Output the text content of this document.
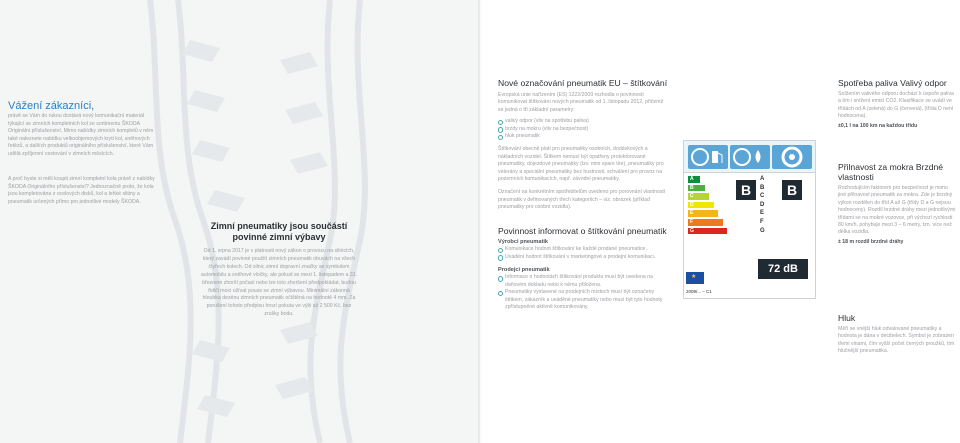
Vážení zákazníci,

právě se Vám do rukou dostává nový komunikační materiál týkající se zimních kompletních kol ze sortimentu ŠKODA Originální příslušenství. Mimo nabídky zimních kompletů v něm také naleznete nabídku velkoobjemových kryti kol, sněhových řetězů, a dalších produktů originálního příslušenství, které Vám udělá zpříjemní cestování v zimních měsících.

A proč byste si měli koupit zimní kompletní kola právě z nabídky ŠKODA Originálního příslušenství? Jednoznačně proto, že kola jsou kompletována z ocelových disků, kol a lehké slitiny a pneumatik určených přímo pro jednotlivé modely ŠKODA.

Zimní pneumatiky jsou součástí povinné zimní výbavy

Od 1. srpna 2017 je v platnosti nový zákon o provozu na silnicích, který zavádí povinné použití zimních pneumatik obuvách na všech čtyřech kolech. Od silnic zimní dopravní značky se symbolem automobilu a sněhové vločky, ale pokud se mezi 1. listopadem a 31. březnem zhorší počasí nebo lze toto zhoršení předpokládat, budou řidiči moci užívat pouze se zimní výbavou. Minimální zákonná hloubka dezénu zimních pneumatik očištěná na hodnotě 4 mm. Za porušení tohoto předpisu hrozí pokuta ve výši až 2 500 Kč, bez zrušky bodu.

Nové označování pneumatik EU – štítkování

Evropská unie nařízením (ES) 1222/2009 rozhodla o povinnosti komunikovat štítkování nových pneumatik od 1. listopadu 2012, přičemž se jedná o tři základní parametry:

valivý odpor (vliv na spotřebu paliva)
brzdy na mokru (vliv na bezpečnost)
hluk pneumatik

Štítkování obecně platí pro pneumatiky osobních, dodávkových a nákladních vozidel. Štítkem nemusí být opatřeny protektorované pneumatiky, dojezdové pneumatiky (tzv. mini spare tire), pneumatiky pro veterány a speciální pneumatiky bez hustnosti, schválení pro provoz na pozemních komunikacích, např. závodní pneumatiky.

Označení na konkrétním spotřebitelům uvedeno pro porovnání vlastností pneumatik v definovaných třech kategoriích – viz. obrázek (příklad pneumatiky pro osobní vozidla).

Povinnost informovat o štítkování pneumatik
Výrobci pneumatik
Komunikace hodnot štítkování ke každé prodané pneumatice.
Uvádění hodnot štítkování v marketingové a prodejní komunikaci.
Prodejci pneumatik
Informace o hodnotách štítkování produktu musí být uvedena na daňovém dokladu nebo k němu přiložena.
Pneumatiky vystavené na prodejních místech musí být označeny štítkem, zákazník a uváděné pneumatiky nebo musí být tyto hodnoty zpřístupněné aktivně komunikovány.
A
B
C
D
E
F
G
B
A
B
C
D
E
F
G
B
72 dB
★
2009/... – C1
Spotřeba paliva Valivý odpor

Snížením valivého odporu dochází k úspoře paliva a tím i snížení emisí CO2. Klasifikace se uvádí ve třídách od A (zelená) do G (červená), (třída D není hodnocena).

±0,1 l na 100 km na každou třídu

Přilnavost za mokra Brzdné vlastnosti

Rozhodujícím faktorem pro bezpečnost je mimo jiné přilnavost pneumatik za mokra. Zde je brzdný výkon rozdělen do tříd A až G (třídy D a G nejsou hodnoceny). Rozdíl brzdné dráhy mezi jednotlivými třídami se na mokré vozovce, při výchozí rychlosti 80 km/h, pohybuje mezi 3 – 6 metry, tzn. více než délka vozidla.

± 18 m rozdíl brzdné dráhy

Hluk

Měří se vnější hluk odvalované pneumatiky a hodnota je dána v decibelech. Symbol je zobrazen třemi vlnami, čím vyšší počet černých proužků, tím hlučnější pneumatika.
